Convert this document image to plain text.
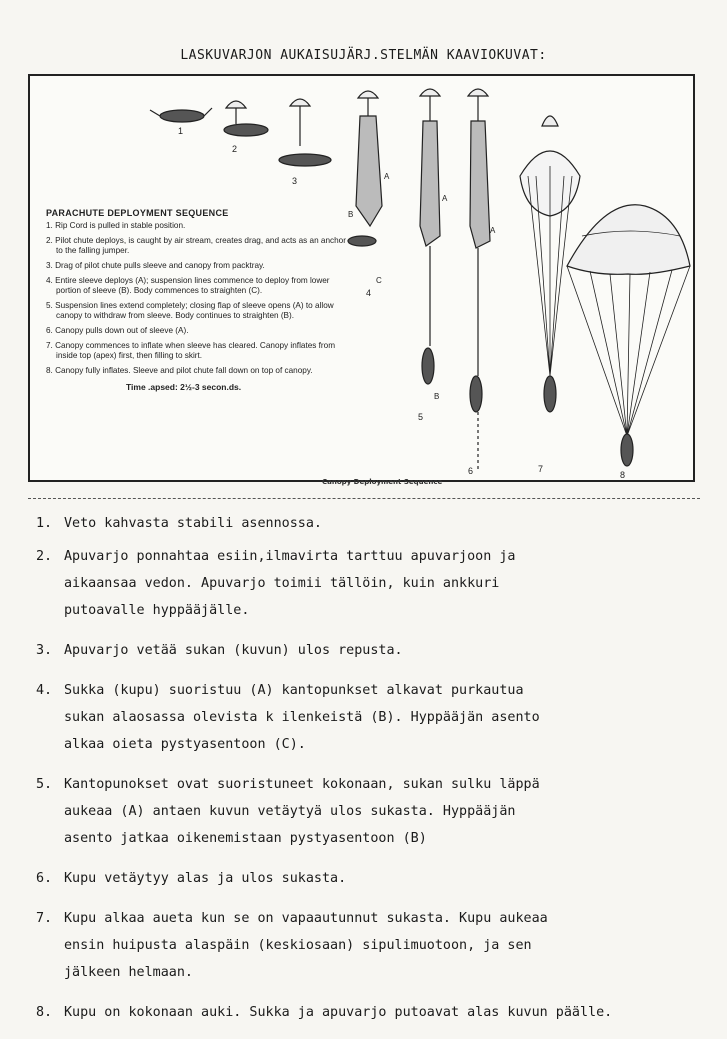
LASKUVARJON AUKAISUJÄRJ.STELMÄN KAAVIOKUVAT:
PARACHUTE DEPLOYMENT SEQUENCE
1. Rip Cord is pulled in stable position.
2. Pilot chute deploys, is caught by air stream, creates drag, and acts as an anchor to the falling jumper.
3. Drag of pilot chute pulls sleeve and canopy from packtray.
4. Entire sleeve deploys (A); suspension lines commence to deploy from lower portion of sleeve (B). Body commences to straighten (C).
5. Suspension lines extend completely; closing flap of sleeve opens (A) to allow canopy to withdraw from sleeve. Body continues to straighten (B).
6. Canopy pulls down out of sleeve (A).
7. Canopy commences to inflate when sleeve has cleared. Canopy inflates from inside top (apex) first, then filling to skirt.
8. Canopy fully inflates. Sleeve and pilot chute fall down on top of canopy.
Time .apsed: 2½-3 secon.ds.
1
2
3
4
5
6	7
8
A
B
C
A
B
A
Canopy Deployment Sequence
1. Veto kahvasta stabili asennossa.
2. Apuvarjo ponnahtaa esiin,ilmavirta tarttuu apuvarjoon ja
aikaansaa vedon. Apuvarjo toimii tällöin, kuin ankkuri
putoavalle hyppääjälle.
3. Apuvarjo vetää sukan (kuvun) ulos repusta.
4. Sukka (kupu) suoristuu (A) kantopunkset alkavat purkautua
sukan alaosassa olevista k ilenkeistä (B). Hyppääjän asento
alkaa oieta pystyasentoon (C).
5. Kantopunokset ovat suoristuneet kokonaan, sukan sulku läppä
aukeaa (A) antaen kuvun vetäytyä ulos sukasta. Hyppääjän
asento jatkaa oikenemistaan pystyasentoon (B)
6. Kupu vetäytyy alas ja ulos sukasta.
7. Kupu alkaa aueta kun se on vapaautunnut sukasta. Kupu aukeaa
ensin huipusta alaspäin (keskiosaan) sipulimuotoon, ja sen
jälkeen helmaan.
8. Kupu on kokonaan auki. Sukka ja apuvarjo putoavat alas kuvun päälle.
